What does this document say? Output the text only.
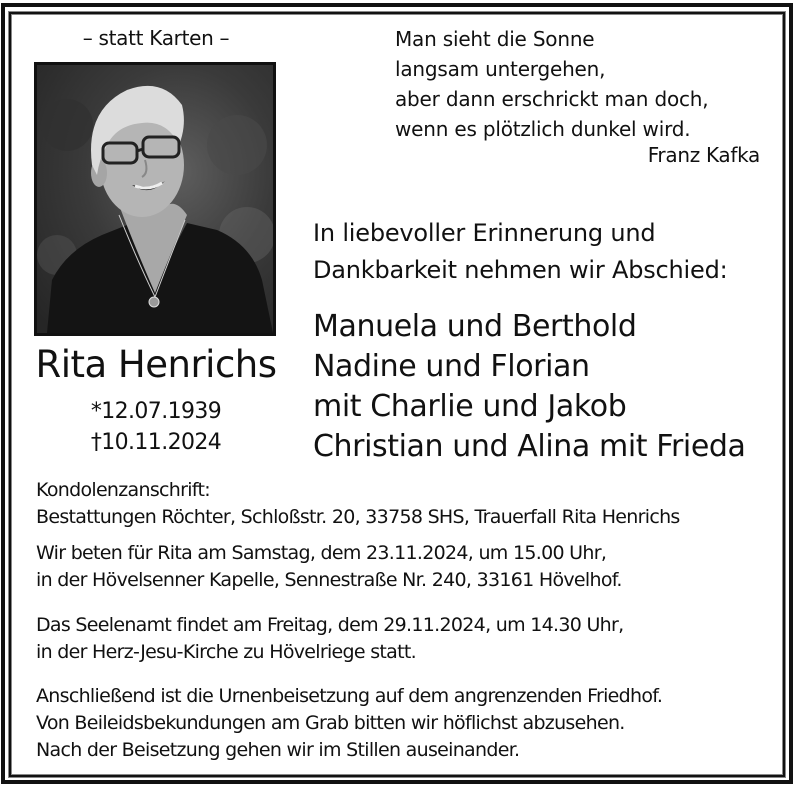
– statt Karten –
Rita Henrichs
*12.07.1939
†10.11.2024
Man sieht die Sonne
langsam untergehen,
aber dann erschrickt man doch,
wenn es plötzlich dunkel wird.
Franz Kafka
In liebevoller Erinnerung und
Dankbarkeit nehmen wir Abschied:
Manuela und Berthold
Nadine und Florian
mit Charlie und Jakob
Christian und Alina mit Frieda
Kondolenzanschrift:
Bestattungen Röchter, Schloßstr. 20, 33758 SHS, Trauerfall Rita Henrichs
Wir beten für Rita am Samstag, dem 23.11.2024, um 15.00 Uhr,
in der Hövelsenner Kapelle, Sennestraße Nr. 240, 33161 Hövelhof.
Das Seelenamt findet am Freitag, dem 29.11.2024, um 14.30 Uhr,
in der Herz-Jesu-Kirche zu Hövelriege statt.
Anschließend ist die Urnenbeisetzung auf dem angrenzenden Friedhof.
Von Beileidsbekundungen am Grab bitten wir höflichst abzusehen.
Nach der Beisetzung gehen wir im Stillen auseinander.
